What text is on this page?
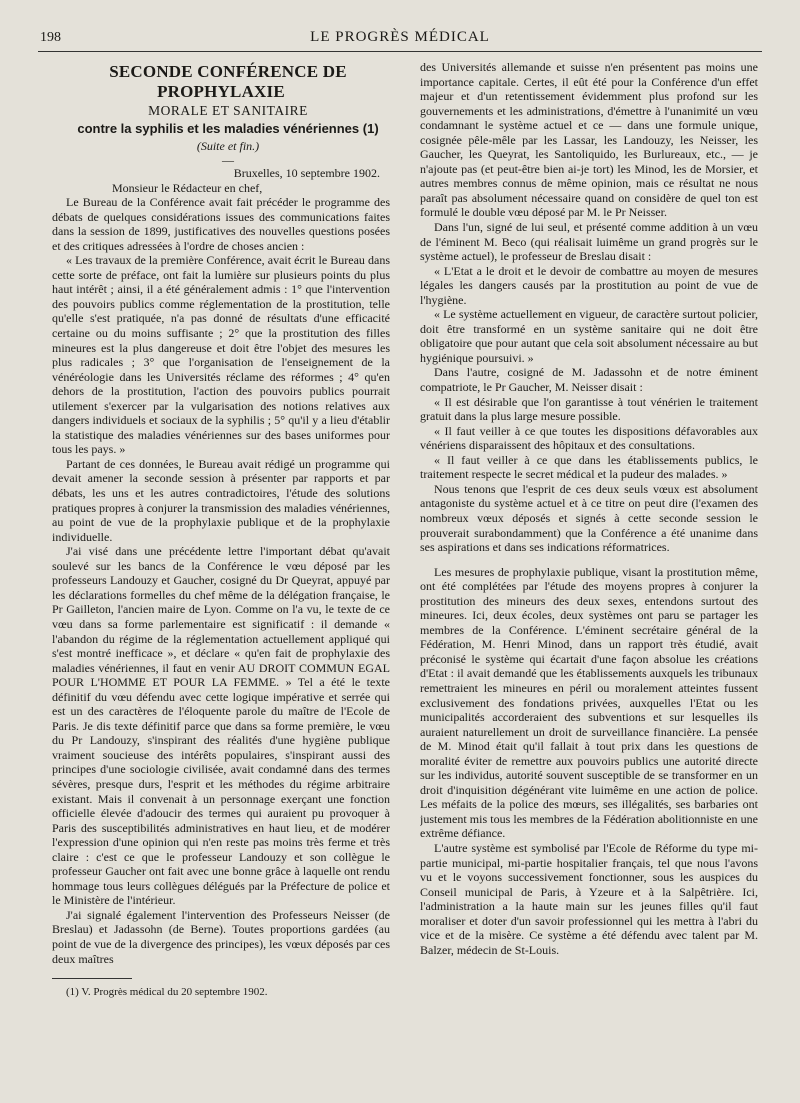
198	LE PROGRÈS MÉDICAL

SECONDE CONFÉRENCE DE PROPHYLAXIE

MORALE ET SANITAIRE

contre la syphilis et les maladies vénériennes (1)

(Suite et fin.)

—

Bruxelles, 10 septembre 1902.

Monsieur le Rédacteur en chef,

Le Bureau de la Conférence avait fait précéder le programme des débats de quelques considérations issues des communications faites dans la session de 1899, justificatives des nouvelles questions posées et des critiques adressées à l'ordre de choses ancien :

« Les travaux de la première Conférence, avait écrit le Bureau dans cette sorte de préface, ont fait la lumière sur plusieurs points du plus haut intérêt ; ainsi, il a été généralement admis : 1° que l'intervention des pouvoirs publics comme réglementation de la prostitution, telle qu'elle s'est pratiquée, n'a pas donné de résultats d'une efficacité certaine ou du moins suffisante ; 2° que la prostitution des filles mineures est la plus dangereuse et doit être l'objet des mesures les plus radicales ; 3° que l'organisation de l'enseignement de la vénéréologie dans les Universités réclame des réformes ; 4° qu'en dehors de la prostitution, l'action des pouvoirs publics pourrait utilement s'exercer par la vulgarisation des notions relatives aux dangers individuels et sociaux de la syphilis ; 5° qu'il y a lieu d'établir la statistique des maladies vénériennes sur des bases uniformes pour tous les pays. »

Partant de ces données, le Bureau avait rédigé un programme qui devait amener la seconde session à présenter par rapports et par débats, les uns et les autres contradictoires, l'étude des solutions pratiques propres à conjurer la transmission des maladies vénériennes, au point de vue de la prophylaxie publique et de la prophylaxie individuelle.

J'ai visé dans une précédente lettre l'important débat qu'avait soulevé sur les bancs de la Conférence le vœu déposé par les professeurs Landouzy et Gaucher, cosigné du Dr Queyrat, appuyé par les déclarations formelles du chef même de la délégation française, le Pr Gailleton, l'ancien maire de Lyon. Comme on l'a vu, le texte de ce vœu dans sa forme parlementaire est significatif : il demande « l'abandon du régime de la réglementation actuellement appliqué qui s'est montré inefficace », et déclare « qu'en fait de prophylaxie des maladies vénériennes, il faut en venir AU DROIT COMMUN EGAL POUR L'HOMME ET POUR LA FEMME. » Tel a été le texte définitif du vœu défendu avec cette logique impérative et serrée qui est un des caractères de l'éloquente parole du maître de l'Ecole de Paris. Je dis texte définitif parce que dans sa forme première, le vœu du Pr Landouzy, s'inspirant des réalités d'une hygiène publique vraiment soucieuse des intérêts populaires, s'inspirant aussi des principes d'une sociologie civilisée, avait condamné dans des termes sévères, presque durs, l'esprit et les méthodes du régime arbitraire existant. Mais il convenait à un personnage exerçant une fonction officielle élevée d'adoucir des termes qui auraient pu provoquer à Paris des susceptibilités administratives en haut lieu, et de modérer l'expression d'une opinion qui n'en reste pas moins très ferme et très claire : c'est ce que le professeur Landouzy et son collègue le professeur Gaucher ont fait avec une bonne grâce à laquelle ont rendu hommage tous leurs collègues délégués par la Préfecture de police et le Ministère de l'intérieur.

J'ai signalé également l'intervention des Professeurs Neisser (de Breslau) et Jadassohn (de Berne). Toutes proportions gardées (au point de vue de la divergence des principes), les vœux déposés par ces deux maîtres

(1) V. Progrès médical du 20 septembre 1902.

des Universités allemande et suisse n'en présentent pas moins une importance capitale. Certes, il eût été pour la Conférence d'un effet majeur et d'un retentissement évidemment plus profond sur les gouvernements et les administrations, d'émettre à l'unanimité un vœu condamnant le système actuel et ce — dans une formule unique, cosignée pêle-mêle par les Lassar, les Landouzy, les Neisser, les Gaucher, les Queyrat, les Santoliquido, les Burlureaux, etc., — je n'ajoute pas (et peut-être bien ai-je tort) les Minod, les de Morsier, et autres membres connus de même opinion, mais ce résultat ne nous paraît pas absolument nécessaire quand on considère de quel ton est formulé le double vœu déposé par M. le Pr Neisser.

Dans l'un, signé de lui seul, et présenté comme addition à un vœu de l'éminent M. Beco (qui réalisait luimême un grand progrès sur le système actuel), le professeur de Breslau disait :

« L'Etat a le droit et le devoir de combattre au moyen de mesures légales les dangers causés par la prostitution au point de vue de l'hygiène.

« Le système actuellement en vigueur, de caractère surtout policier, doit être transformé en un système sanitaire qui ne doit être obligatoire que pour autant que cela soit absolument nécessaire au but hygiénique poursuivi. »

Dans l'autre, cosigné de M. Jadassohn et de notre éminent compatriote, le Pr Gaucher, M. Neisser disait :

« Il est désirable que l'on garantisse à tout vénérien le traitement gratuit dans la plus large mesure possible.

« Il faut veiller à ce que toutes les dispositions défavorables aux vénériens disparaissent des hôpitaux et des consultations.

« Il faut veiller à ce que dans les établissements publics, le traitement respecte le secret médical et la pudeur des malades. »

Nous tenons que l'esprit de ces deux seuls vœux est absolument antagoniste du système actuel et à ce titre on peut dire (l'examen des nombreux vœux déposés et signés à cette seconde session le prouverait surabondamment) que la Conférence a été unanime dans ses aspirations et dans ses indications réformatrices.

Les mesures de prophylaxie publique, visant la prostitution même, ont été complétées par l'étude des moyens propres à conjurer la prostitution des mineurs des deux sexes, entendons surtout des mineures. Ici, deux écoles, deux systèmes ont paru se partager les membres de la Conférence. L'éminent secrétaire général de la Fédération, M. Henri Minod, dans un rapport très étudié, avait préconisé le système qui écartait d'une façon absolue les créations d'Etat : il avait demandé que les établissements auxquels les tribunaux remettraient les mineures en péril ou moralement atteintes fussent exclusivement des fondations privées, auxquelles l'Etat ou les municipalités accorderaient des subventions et sur lesquelles ils auraient naturellement un droit de surveillance financière. La pensée de M. Minod était qu'il fallait à tout prix dans les questions de moralité éviter de remettre aux pouvoirs publics une autorité directe sur les individus, autorité souvent susceptible de se transformer en un droit d'inquisition dégénérant vite luimême en une action de police. Les méfaits de la police des mœurs, ses illégalités, ses barbaries ont justement mis tous les membres de la Fédération abolitionniste en une extrême défiance.

L'autre système est symbolisé par l'Ecole de Réforme du type mi-partie municipal, mi-partie hospitalier français, tel que nous l'avons vu et le voyons successivement fonctionner, sous les auspices du Conseil municipal de Paris, à Yzeure et à la Salpêtrière. Ici, l'administration a la haute main sur les jeunes filles qu'il faut moraliser et doter d'un savoir professionnel qui les mettra à l'abri du vice et de la misère. Ce système a été défendu avec talent par M. Balzer, médecin de St-Louis.
